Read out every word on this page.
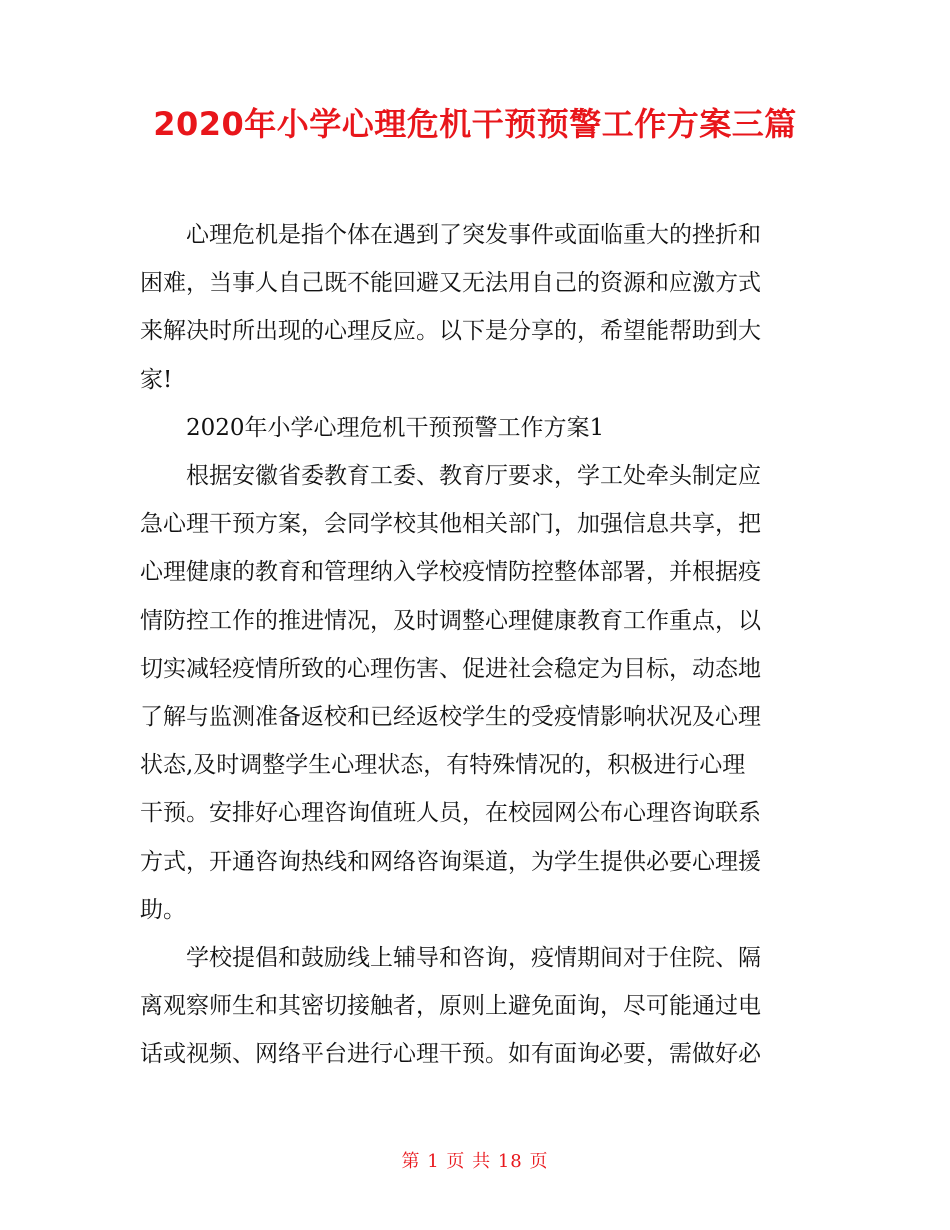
2020年小学心理危机干预预警工作方案三篇

心理危机是指个体在遇到了突发事件或面临重大的挫折和
困难，当事人自己既不能回避又无法用自己的资源和应激方式
来解决时所出现的心理反应。以下是分享的，希望能帮助到大
家!

2020年小学心理危机干预预警工作方案1

根据安徽省委教育工委、教育厅要求，学工处牵头制定应
急心理干预方案，会同学校其他相关部门，加强信息共享，把
心理健康的教育和管理纳入学校疫情防控整体部署，并根据疫
情防控工作的推进情况，及时调整心理健康教育工作重点，以
切实减轻疫情所致的心理伤害、促进社会稳定为目标，动态地
了解与监测准备返校和已经返校学生的受疫情影响状况及心理
状态,及时调整学生心理状态，有特殊情况的，积极进行心理
干预。安排好心理咨询值班人员，在校园网公布心理咨询联系
方式，开通咨询热线和网络咨询渠道，为学生提供必要心理援
助。

学校提倡和鼓励线上辅导和咨询，疫情期间对于住院、隔
离观察师生和其密切接触者，原则上避免面询，尽可能通过电
话或视频、网络平台进行心理干预。如有面询必要，需做好必

第 1 页 共 18 页
